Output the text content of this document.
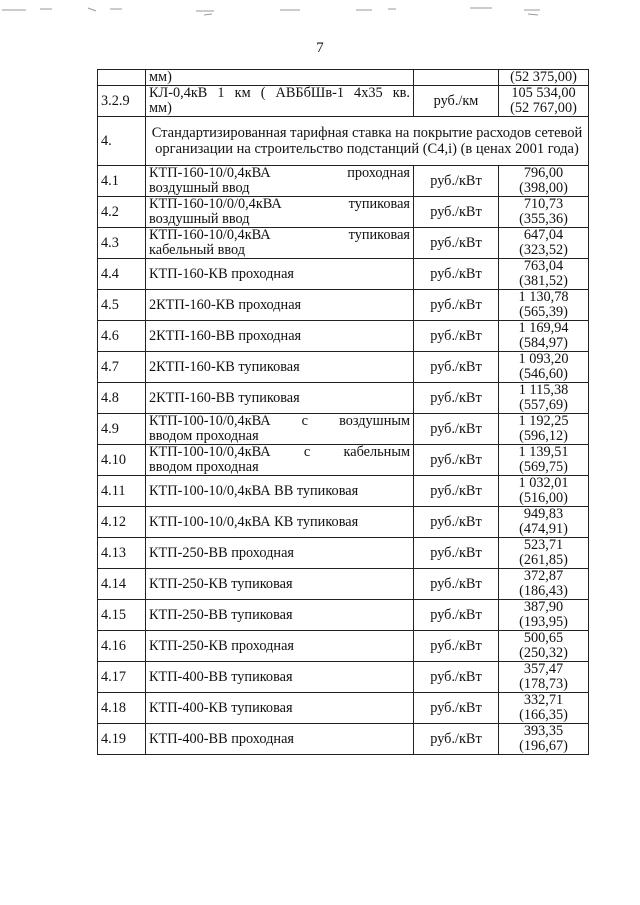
7
	мм)		(52 375,00)
3.2.9	КЛ-0,4кВ 1 км ( АВБбШв-1 4х35 кв.
мм)	руб./км	105 534,00
(52 767,00)

4.	Стандартизированная тарифная ставка на покрытие расходов сетевой организации на строительство подстанций (С4,i) (в ценах 2001 года)		
4.1	КТП-160-10/0,4кВА проходная
воздушный ввод	руб./кВт	796,00
(398,00)

4.2	КТП-160-10/0/0,4кВА тупиковая
воздушный ввод	руб./кВт	710,73
(355,36)

4.3	КТП-160-10/0,4кВА тупиковая
кабельный ввод	руб./кВт	647,04
(323,52)

4.4	КТП-160-КВ проходная	руб./кВт	763,04
(381,52)

4.5	2КТП-160-КВ проходная	руб./кВт	1 130,78
(565,39)

4.6	2КТП-160-ВВ проходная	руб./кВт	1 169,94
(584,97)

4.7	2КТП-160-КВ тупиковая	руб./кВт	1 093,20
(546,60)

4.8	2КТП-160-ВВ тупиковая	руб./кВт	1 115,38
(557,69)

4.9	КТП-100-10/0,4кВА с воздушным
вводом проходная	руб./кВт	1 192,25
(596,12)

4.10	КТП-100-10/0,4кВА с кабельным
вводом проходная	руб./кВт	1 139,51
(569,75)

4.11	КТП-100-10/0,4кВА ВВ тупиковая	руб./кВт	1 032,01
(516,00)

4.12	КТП-100-10/0,4кВА КВ тупиковая	руб./кВт	949,83
(474,91)

4.13	КТП-250-ВВ проходная	руб./кВт	523,71
(261,85)

4.14	КТП-250-КВ тупиковая	руб./кВт	372,87
(186,43)

4.15	КТП-250-ВВ тупиковая	руб./кВт	387,90
(193,95)

4.16	КТП-250-КВ проходная	руб./кВт	500,65
(250,32)

4.17	КТП-400-ВВ тупиковая	руб./кВт	357,47
(178,73)

4.18	КТП-400-КВ тупиковая	руб./кВт	332,71
(166,35)

4.19	КТП-400-ВВ проходная	руб./кВт	393,35
(196,67)
